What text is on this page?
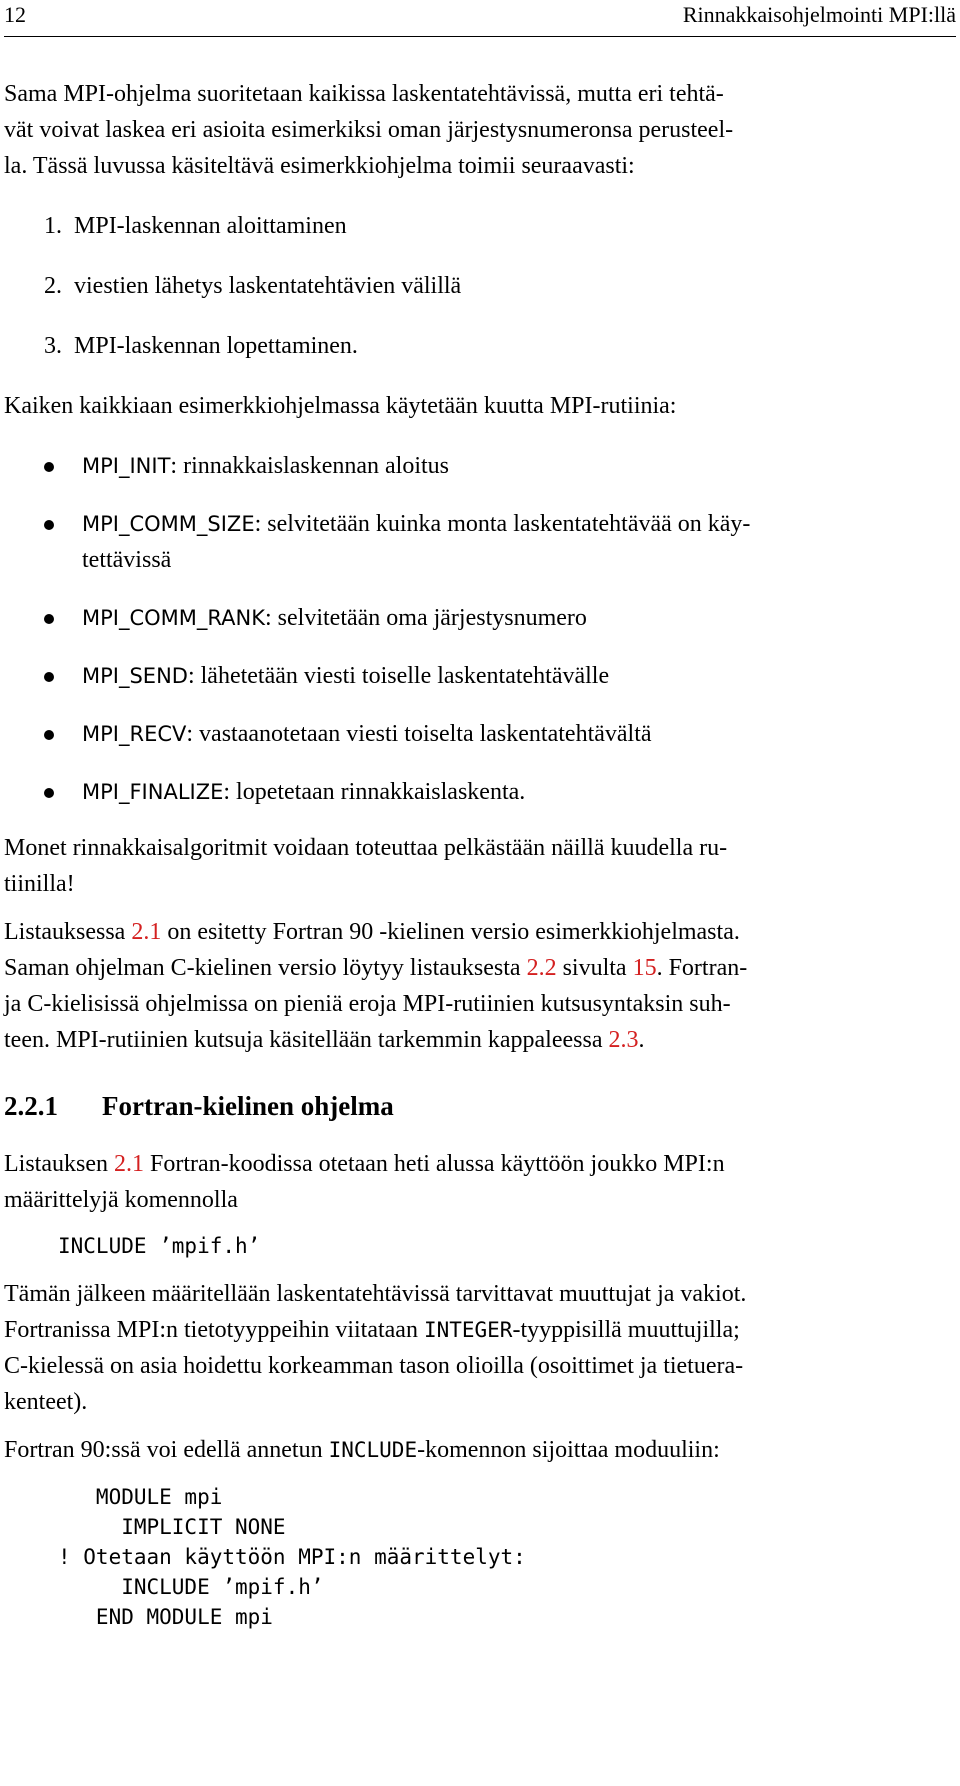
12	Rinnakkaisohjelmointi MPI:llä

Sama MPI-ohjelma suoritetaan kaikissa laskentatehtävissä, mutta eri tehtä-
vät voivat laskea eri asioita esimerkiksi oman järjestysnumeronsa perusteel-
la. Tässä luvussa käsiteltävä esimerkkiohjelma toimii seuraavasti:

1. MPI-laskennan aloittaminen
2. viestien lähetys laskentatehtävien välillä
3. MPI-laskennan lopettaminen.

Kaiken kaikkiaan esimerkkiohjelmassa käytetään kuutta MPI-rutiinia:

MPI_INIT: rinnakkaislaskennan aloitus
MPI_COMM_SIZE: selvitetään kuinka monta laskentatehtävää on käy-
tettävissä
MPI_COMM_RANK: selvitetään oma järjestysnumero
MPI_SEND: lähetetään viesti toiselle laskentatehtävälle
MPI_RECV: vastaanotetaan viesti toiselta laskentatehtävältä
MPI_FINALIZE: lopetetaan rinnakkaislaskenta.

Monet rinnakkaisalgoritmit voidaan toteuttaa pelkästään näillä kuudella ru-
tiinilla!

Listauksessa 2.1 on esitetty Fortran 90 -kielinen versio esimerkkiohjelmasta.
Saman ohjelman C-kielinen versio löytyy listauksesta 2.2 sivulta 15. Fortran-
ja C-kielisissä ohjelmissa on pieniä eroja MPI-rutiinien kutsusyntaksin suh-
teen. MPI-rutiinien kutsuja käsitellään tarkemmin kappaleessa 2.3.

2.2.1 Fortran-kielinen ohjelma

Listauksen 2.1 Fortran-koodissa otetaan heti alussa käyttöön joukko MPI:n
määrittelyjä komennolla

INCLUDE ’mpif.h’

Tämän jälkeen määritellään laskentatehtävissä tarvittavat muuttujat ja vakiot.
Fortranissa MPI:n tietotyyppeihin viitataan INTEGER-tyyppisillä muuttujilla;
C-kielessä on asia hoidettu korkeamman tason olioilla (osoittimet ja tietuera-
kenteet).

Fortran 90:ssä voi edellä annetun INCLUDE-komennon sijoittaa moduuliin:

MODULE mpi
IMPLICIT NONE
! Otetaan käyttöön MPI:n määrittelyt:
INCLUDE ’mpif.h’
END MODULE mpi
